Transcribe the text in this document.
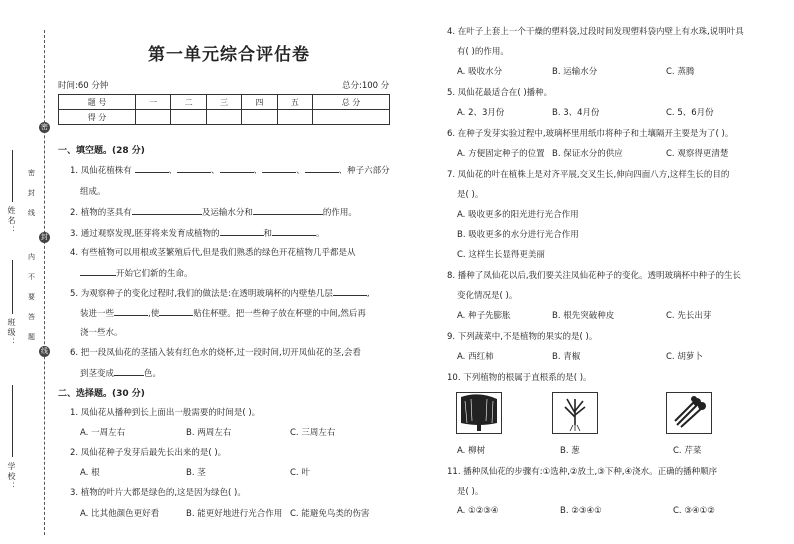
姓名：
班级：
学校：
密
封
线
密
封
线
内
不
要
答
题
第一单元综合评估卷
时间:60 分钟	总分:100 分
题 号	一	二	三	四	五	总 分
得 分						
一、填空题。(28 分)
1. 凤仙花植株有	、	、	、	、	、种子六部分
组成。
2. 植物的茎具有	及运输水分和	的作用。
3. 通过观察发现,胚芽将来发育成植物的	和	。
4. 有些植物可以用根或茎繁殖后代,但是我们熟悉的绿色开花植物几乎都是从
开始它们新的生命。
5. 为观察种子的变化过程时,我们的做法是:在透明玻璃杯的内壁垫几层	,
装进一些	,使	贴住杯壁。把一些种子放在杯壁的中间,然后再
浇一些水。
6. 把一段凤仙花的茎插入装有红色水的烧杯,过一段时间,切开凤仙花的茎,会看
到茎变成	色。
二、选择题。(30 分)
1. 凤仙花从播种到长上面出一般需要的时间是( )。
A. 一周左右	B. 两周左右	C. 三周左右
2. 凤仙花种子发芽后最先长出来的是( )。
A. 根	B. 茎	C. 叶
3. 植物的叶片大都是绿色的,这是因为绿色( )。
A. 比其他颜色更好看	B. 能更好地进行光合作用 C. 能避免鸟类的伤害
4. 在叶子上套上一个干燥的塑料袋,过段时间发现塑料袋内壁上有水珠,说明叶具
有( )的作用。
A. 吸收水分	B. 运输水分	C. 蒸腾
5. 凤仙花最适合在( )播种。
A. 2、3月份	B. 3、4月份	C. 5、6月份
6. 在种子发芽实验过程中,玻璃杯里用纸巾将种子和土壤隔开主要是为了( )。
A. 方便固定种子的位置 B. 保证水分的供应	C. 观察得更清楚
7. 凤仙花的叶在植株上是对齐平展,交叉生长,伸向四面八方,这样生长的目的
是( )。
A. 吸收更多的阳光进行光合作用
B. 吸收更多的水分进行光合作用
C. 这样生长显得更美丽
8. 播种了凤仙花以后,我们要关注凤仙花种子的变化。透明玻璃杯中种子的生长
变化情况是( )。
A. 种子先膨胀	B. 根先突破种皮	C. 先长出芽
9. 下列蔬菜中,不是植物的果实的是( )。
A. 西红柿	B. 青椒	C. 胡萝卜
10. 下列植物的根属于直根系的是( )。
A. 柳树	B. 葱	C. 芹菜
11. 播种凤仙花的步骤有:①选种,②放土,③下种,④浇水。正确的播种顺序
是( )。
A. ①②③④	B. ②③④①	C. ③④①②
